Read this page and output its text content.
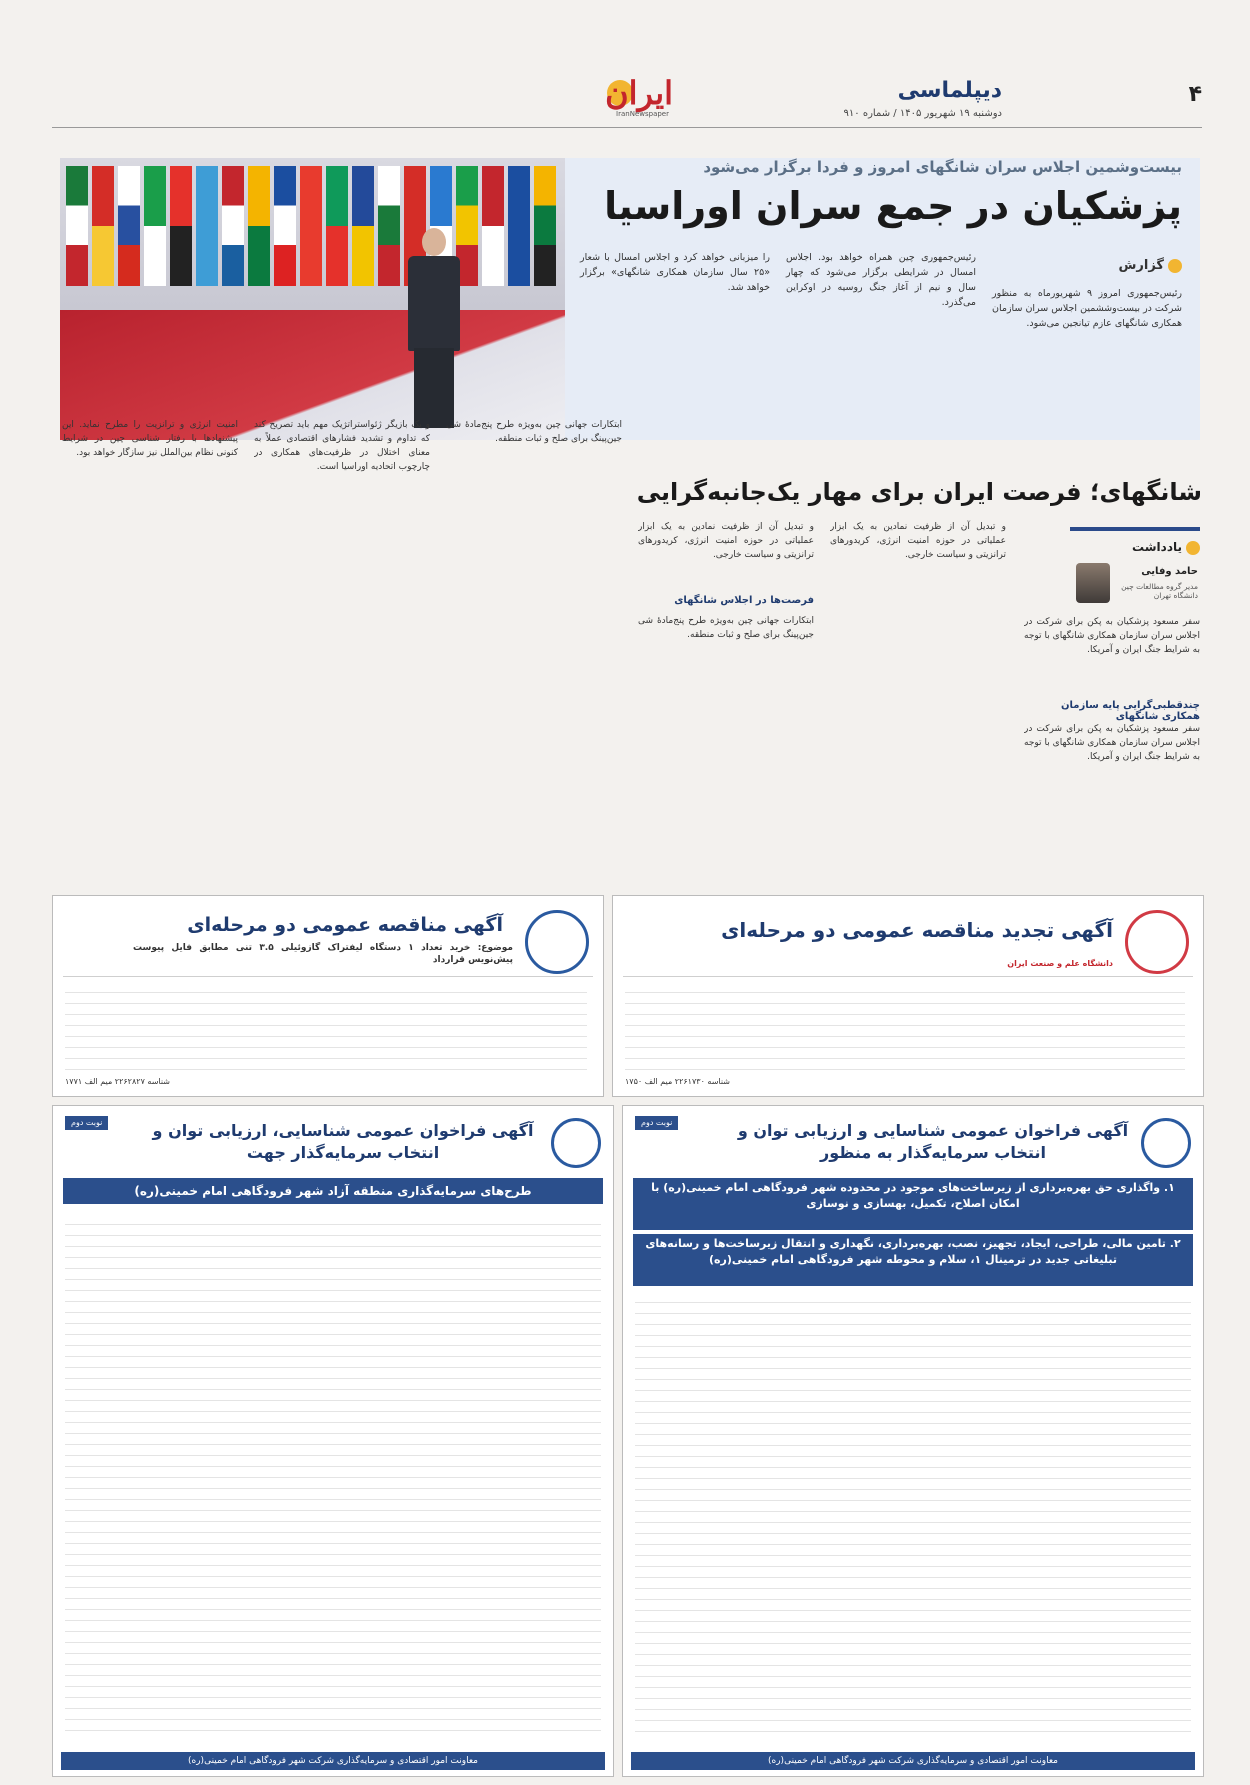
۴
دیپلماسی
دوشنبه ۱۹ شهریور ۱۴۰۵ / شماره ۹۱۰
ایران
IranNewspaper
بیست‌وشمین اجلاس سران شانگهای امروز و فردا برگزار می‌شود
پزشکیان در جمع سران اوراسیا
گزارش
رئیس‌جمهوری امروز ۹ شهریورماه به منظور شرکت در بیست‌وششمین اجلاس سران سازمان همکاری شانگهای عازم تیانجین می‌شود.
رئیس‌جمهوری چین همراه خواهد بود. اجلاس امسال در شرایطی برگزار می‌شود که چهار سال و نیم از آغاز جنگ روسیه در اوکراین می‌گذرد.
را میزبانی خواهد کرد و اجلاس امسال با شعار «۲۵ سال سازمان همکاری شانگهای» برگزار خواهد شد.
شانگهای؛ فرصت ایران برای مهار یک‌جانبه‌گرایی
یادداشت
حامد وفایی
مدیر گروه مطالعات چین دانشگاه تهران
سفر مسعود پزشکیان به پکن برای شرکت در اجلاس سران سازمان همکاری شانگهای با توجه به شرایط جنگ ایران و آمریکا.
چندقطبی‌گرایی پایه سازمان همکاری شانگهای
سفر مسعود پزشکیان به پکن برای شرکت در اجلاس سران سازمان همکاری شانگهای با توجه به شرایط جنگ ایران و آمریکا.
و تبدیل آن از ظرفیت نمادین به یک ابزار عملیاتی در حوزه امنیت انرژی، کریدورهای ترانزیتی و سیاست خارجی.
فرصت‌ها در اجلاس شانگهای
و تبدیل آن از ظرفیت نمادین به یک ابزار عملیاتی در حوزه امنیت انرژی، کریدورهای ترانزیتی و سیاست خارجی.
ابتکارات جهانی چین به‌ویژه طرح پنج‌مادهٔ شی جین‌پینگ برای صلح و ثبات منطقه.
ابتکارات جهانی چین به‌ویژه طرح پنج‌مادهٔ شی جین‌پینگ برای صلح و ثبات منطقه.
و یک بازیگر ژئواستراتژیک مهم باید تصریح کند که تداوم و تشدید فشارهای اقتصادی عملاً به معنای اختلال در ظرفیت‌های همکاری در چارچوب اتحادیه اوراسیا است.
امنیت انرژی و ترانزیت را مطرح نماید. این پیشنهادها با رفتار شناسی چین در شرایط کنونی نظام بین‌الملل نیز سازگار خواهد بود.
آگهی تجدید مناقصه عمومی دو مرحله‌ای
دانشگاه علم و صنعت ایران
شناسه ۲۲۶۱۷۳۰ میم الف ۱۷۵۰
آگهی مناقصه عمومی دو مرحله‌ای
موضوع: خرید تعداد ۱ دستگاه لیفتراک گازوئیلی ۳.۵ تنی مطابق فایل پیوست پیش‌نویس قرارداد
شناسه ۲۲۶۲۸۲۷ میم الف ۱۷۷۱
نوبت دوم	آگهی فراخوان عمومی شناسایی و ارزیابی توان و انتخاب سرمایه‌گذار به منظور
۱. واگذاری حق بهره‌برداری از زیرساخت‌های موجود در محدوده شهر فرودگاهی امام خمینی(ره) با امکان اصلاح، تکمیل، بهسازی و نوسازی
۲. تامین مالی، طراحی، ایجاد، تجهیز، نصب، بهره‌برداری، نگهداری و انتقال زیرساخت‌ها و رسانه‌های تبلیغاتی جدید در ترمینال ۱، سلام و محوطه شهر فرودگاهی امام خمینی(ره)
معاونت امور اقتصادی و سرمایه‌گذاری شرکت شهر فرودگاهی امام خمینی(ره)
نوبت دوم	آگهی فراخوان عمومی شناسایی، ارزیابی توان و انتخاب سرمایه‌گذار جهت
طرح‌های سرمایه‌گذاری منطقه آزاد شهر فرودگاهی امام خمینی(ره)
معاونت امور اقتصادی و سرمایه‌گذاری شرکت شهر فرودگاهی امام خمینی(ره)
